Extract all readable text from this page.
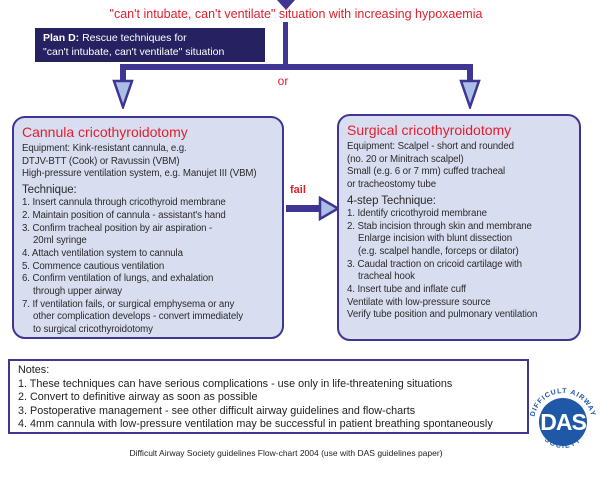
"can't intubate, can't ventilate" situation with increasing hypoxaemia
Plan D: Rescue techniques for
"can't intubate, can't ventilate" situation
or
Cannula cricothyroidotomy
Equipment: Kink-resistant cannula, e.g.
DTJV-BTT (Cook) or Ravussin (VBM)
High-pressure ventilation system, e.g. Manujet III (VBM)
Technique:
1. Insert cannula through cricothyroid membrane
2. Maintain position of cannula - assistant's hand
3. Confirm tracheal position by air aspiration -
20ml syringe
4. Attach ventilation system to cannula
5. Commence cautious ventilation
6. Confirm ventilation of lungs, and exhalation
through upper airway
7. If ventilation fails, or surgical emphysema or any
other complication develops - convert immediately
to surgical cricothyroidotomy
fail
Surgical cricothyroidotomy
Equipment: Scalpel - short and rounded
(no. 20 or Minitrach scalpel)
Small (e.g. 6 or 7 mm) cuffed tracheal
or tracheostomy tube
4-step Technique:
1. Identify cricothyroid membrane
2. Stab incision through skin and membrane
Enlarge incision with blunt dissection
(e.g. scalpel handle, forceps or dilator)
3. Caudal traction on cricoid cartilage with
tracheal hook
4. Insert tube and inflate cuff
Ventilate with low-pressure source
Verify tube position and pulmonary ventilation
Notes:
1. These techniques can have serious complications - use only in life-threatening situations
2. Convert to definitive airway as soon as possible
3. Postoperative management - see other difficult airway guidelines and flow-charts
4. 4mm cannula with low-pressure ventilation may be successful in patient breathing spontaneously
Difficult Airway Society guidelines Flow-chart 2004 (use with DAS guidelines paper)
DIFFICULT AIRWAY
SOCIETY
DAS
